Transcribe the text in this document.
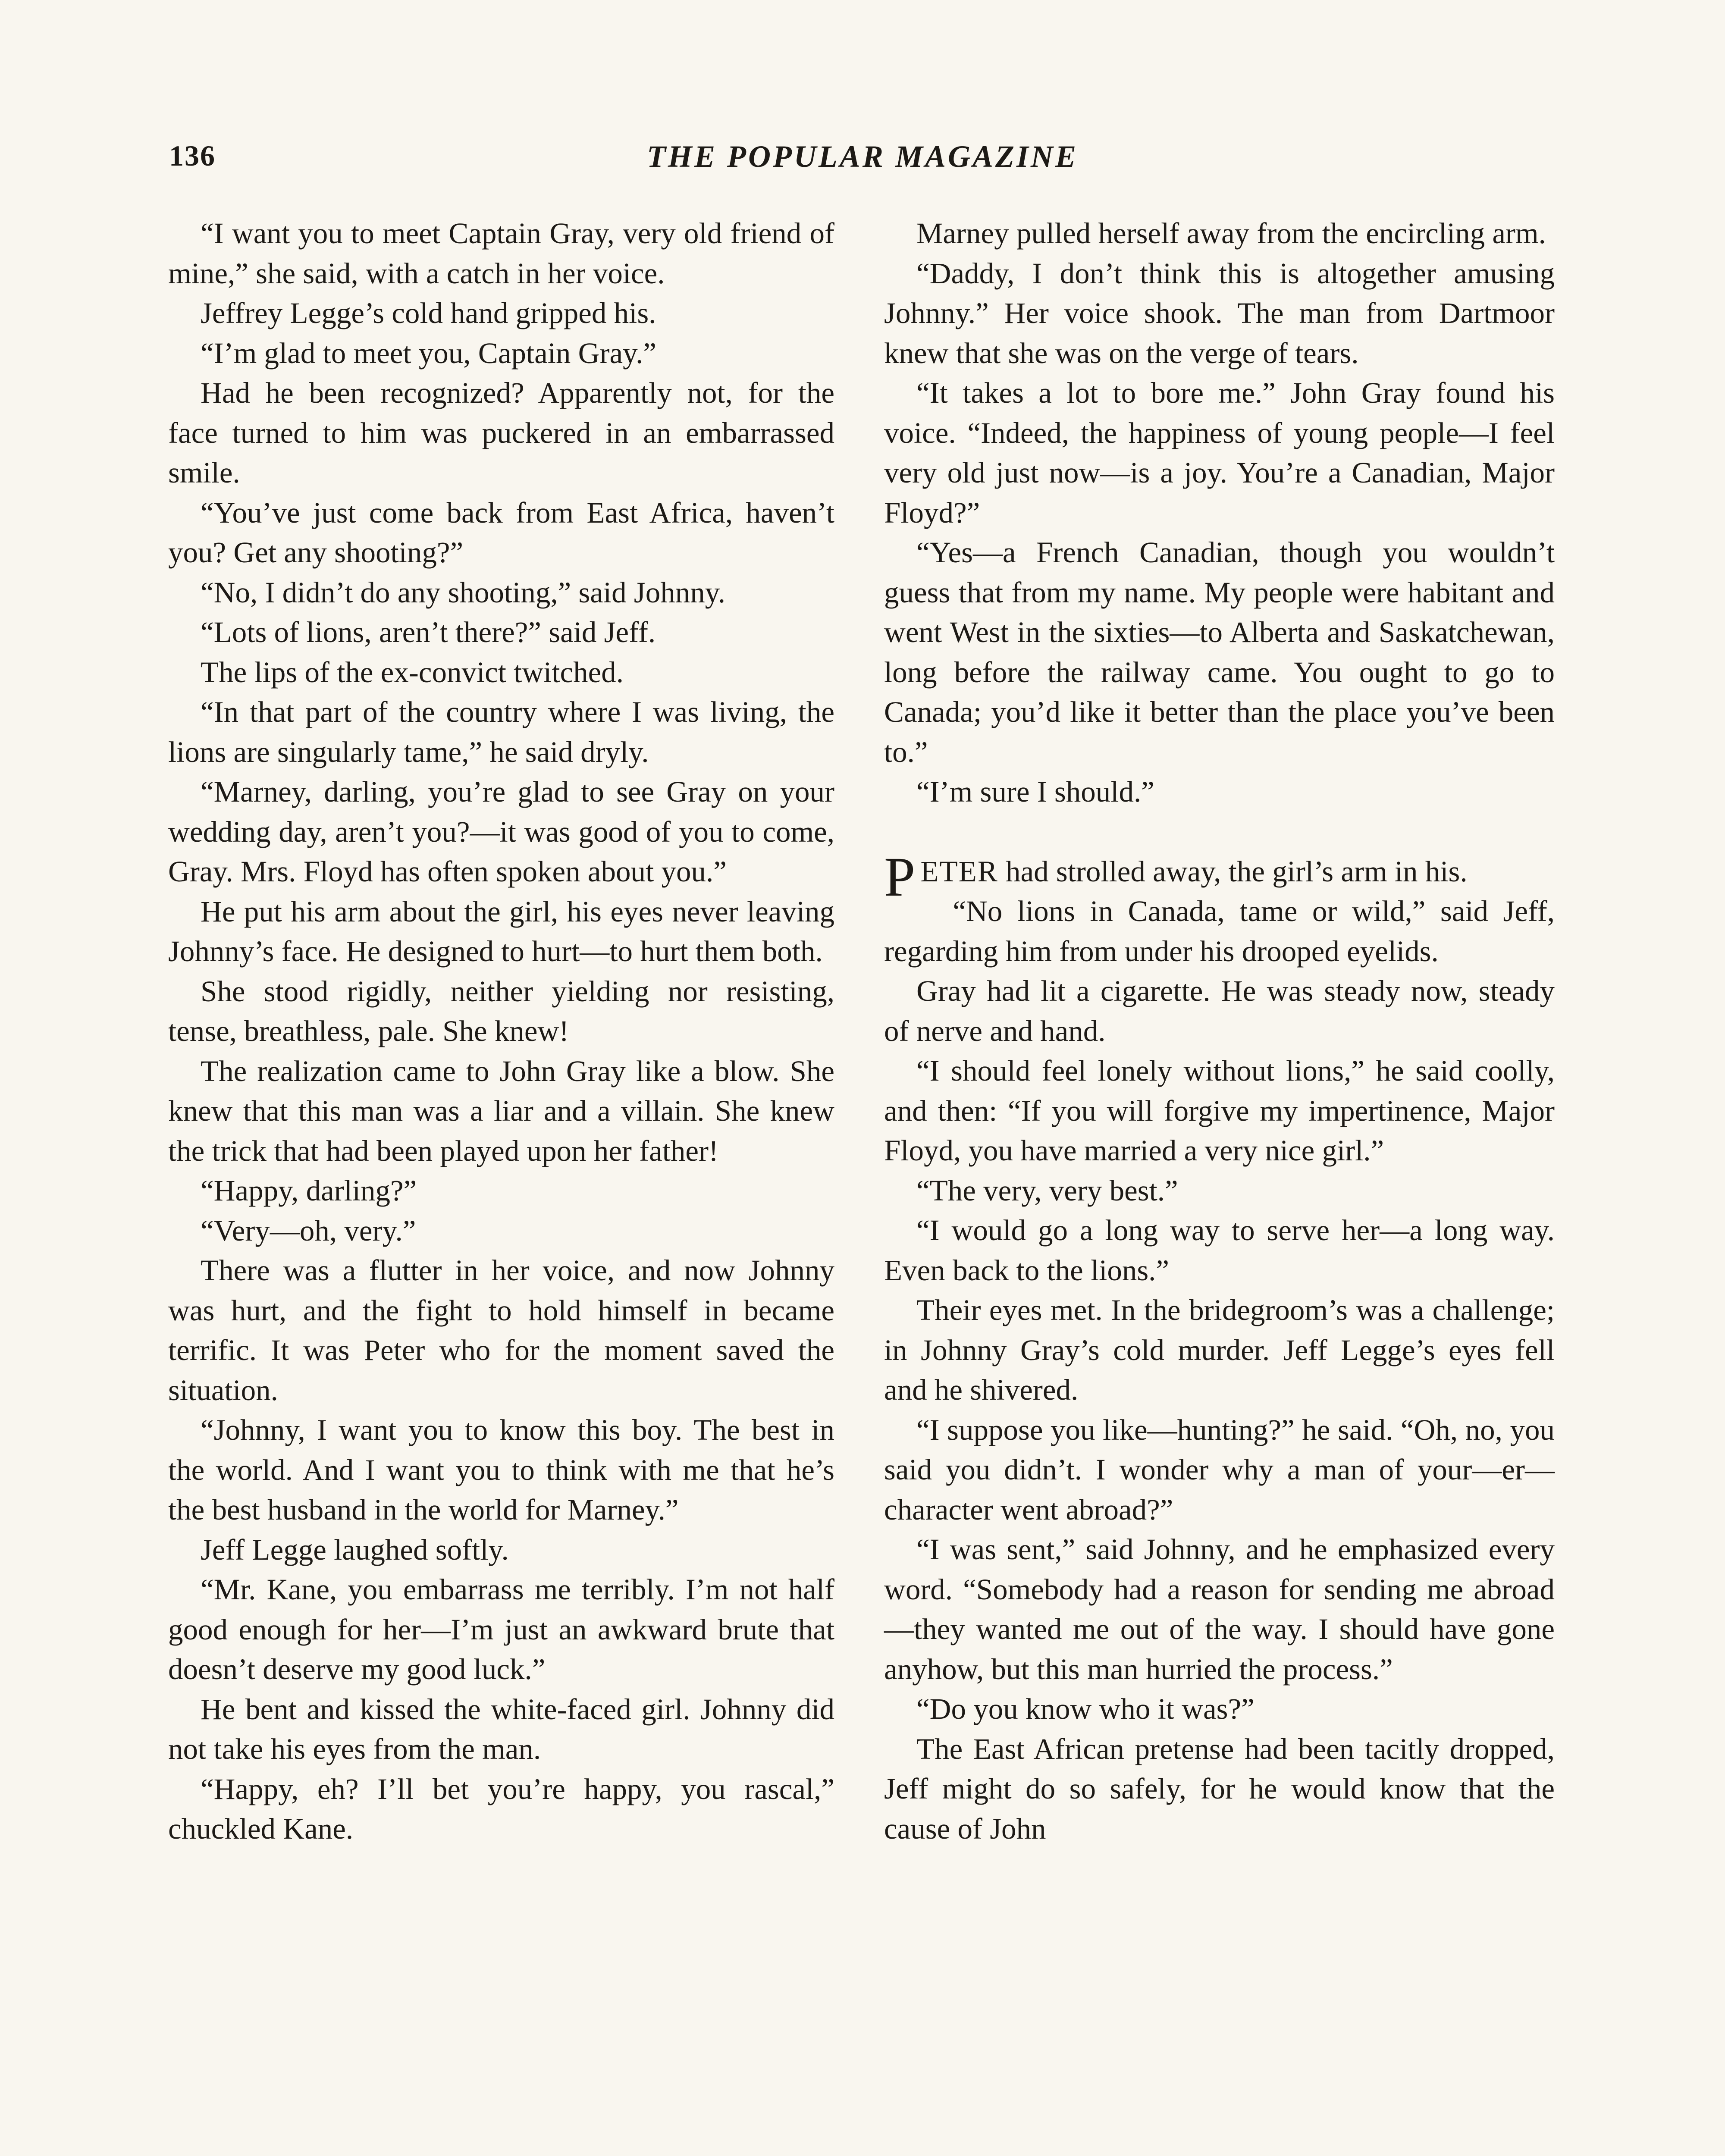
136	THE POPULAR MAGAZINE

“I want you to meet Captain Gray, very old friend of mine,” she said, with a catch in her voice.

Jeffrey Legge’s cold hand gripped his.

“I’m glad to meet you, Captain Gray.”

Had he been recognized? Apparently not, for the face turned to him was puckered in an embarrassed smile.

“You’ve just come back from East Africa, haven’t you? Get any shooting?”

“No, I didn’t do any shooting,” said Johnny.

“Lots of lions, aren’t there?” said Jeff.

The lips of the ex-convict twitched.

“In that part of the country where I was living, the lions are singularly tame,” he said dryly.

“Marney, darling, you’re glad to see Gray on your wedding day, aren’t you?—it was good of you to come, Gray. Mrs. Floyd has often spoken about you.”

He put his arm about the girl, his eyes never leaving Johnny’s face. He designed to hurt—to hurt them both.

She stood rigidly, neither yielding nor resisting, tense, breathless, pale. She knew!

The realization came to John Gray like a blow. She knew that this man was a liar and a villain. She knew the trick that had been played upon her father!

“Happy, darling?”

“Very—oh, very.”

There was a flutter in her voice, and now Johnny was hurt, and the fight to hold himself in became terrific. It was Peter who for the moment saved the situation.

“Johnny, I want you to know this boy. The best in the world. And I want you to think with me that he’s the best husband in the world for Marney.”

Jeff Legge laughed softly.

“Mr. Kane, you embarrass me terribly. I’m not half good enough for her—I’m just an awkward brute that doesn’t deserve my good luck.”

He bent and kissed the white-faced girl. Johnny did not take his eyes from the man.

“Happy, eh? I’ll bet you’re happy, you rascal,” chuckled Kane.

Marney pulled herself away from the encircling arm.

“Daddy, I don’t think this is altogether amusing Johnny.” Her voice shook. The man from Dartmoor knew that she was on the verge of tears.

“It takes a lot to bore me.” John Gray found his voice. “Indeed, the happiness of young people—I feel very old just now—is a joy. You’re a Canadian, Major Floyd?”

“Yes—a French Canadian, though you wouldn’t guess that from my name. My people were habitant and went West in the sixties—to Alberta and Saskatchewan, long before the railway came. You ought to go to Canada; you’d like it better than the place you’ve been to.”

“I’m sure I should.”

PETER had strolled away, the girl’s arm in his.

“No lions in Canada, tame or wild,” said Jeff, regarding him from under his drooped eyelids.

Gray had lit a cigarette. He was steady now, steady of nerve and hand.

“I should feel lonely without lions,” he said coolly, and then: “If you will forgive my impertinence, Major Floyd, you have married a very nice girl.”

“The very, very best.”

“I would go a long way to serve her—a long way. Even back to the lions.”

Their eyes met. In the bridegroom’s was a challenge; in Johnny Gray’s cold murder. Jeff Legge’s eyes fell and he shivered.

“I suppose you like—hunting?” he said. “Oh, no, you said you didn’t. I wonder why a man of your—er—character went abroad?”

“I was sent,” said Johnny, and he emphasized every word. “Somebody had a reason for sending me abroad—they wanted me out of the way. I should have gone anyhow, but this man hurried the process.”

“Do you know who it was?”

The East African pretense had been tacitly dropped, Jeff might do so safely, for he would know that the cause of John
